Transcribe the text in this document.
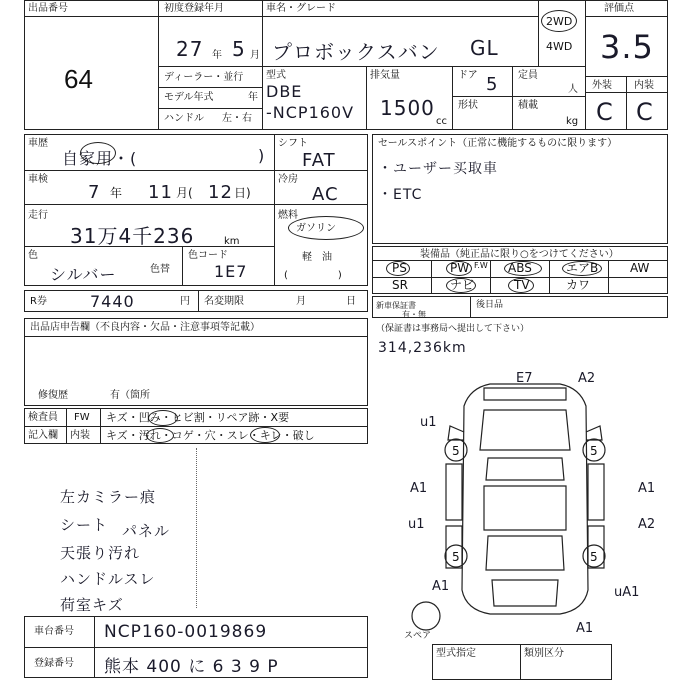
出品番号
64
初度登録年月
27 年 5 月
車名・グレード
プロボックスバン GL
2WD
4WD
評価点
3.5
外装 内装
C C
ディーラー・並行
モデル年式	年
ハンドル 左・右
型式
DBE
-NCP160V
排気量
1500
cc
ドア 5 定員
人
形状	積載
kg
車歴
自家用・(	)
シフト
FAT
車検
7 年 11 月( 12 日)
冷房
AC
走行
31万4千236	km
燃料
ガソリン
軽　油
(　　　　　)
色
シルバー	色替
色コード
1E7
R券	7440	円 名変期限	月	日
セールスポイント（正常に機能するものに限ります）
・ユーザー买取車
・ETC
装備品（純正品に限り○をつけてください）
PS	PW F.W ABS	エアB	AW
SR	ナビ	TV	カワ
新車保証書
有・無
後日品
（保証書は事務局へ提出して下さい）
314,236km
出品店申告欄（不良内容・欠品・注意事項等記載）
修復歴	有（箇所
検査員
記入欄
FW キズ・凹み・ヒビ割・リペア跡・X要
内装 キズ・汚れ・コゲ・穴・スレ・キレ・破し
左カミラー痕
シート パネル
天張り汚れ
ハンドルスレ
荷室キズ
5	5
5	5
E7	A2
u1
A1
u1
A1
A2
A1	uA1
A1
スペア
車台番号 NCP160-0019869
登録番号 熊本 400 に 6 3 9 P
型式指定	類別区分
